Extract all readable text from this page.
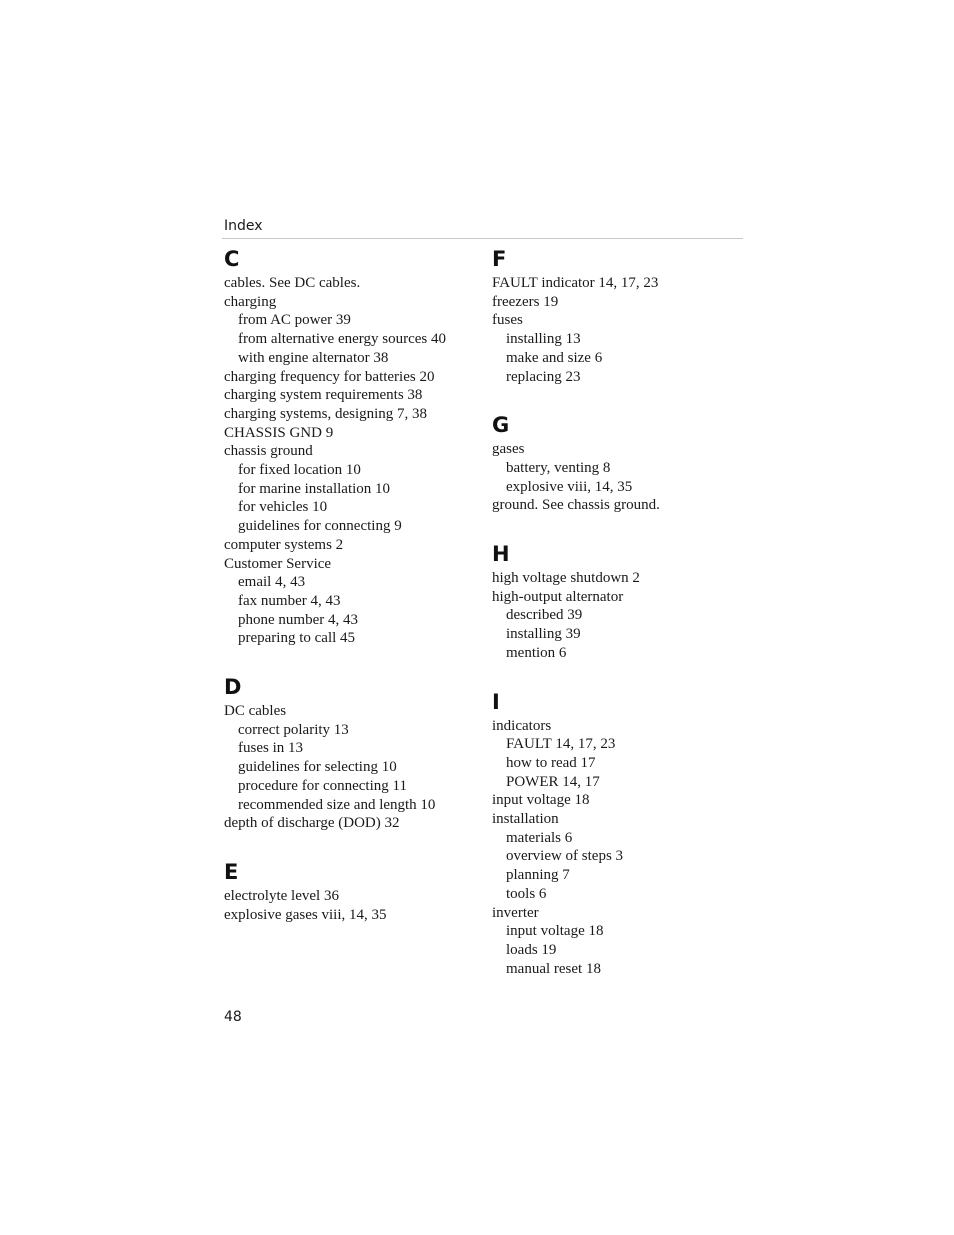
Index
C
cables. See DC cables.
charging
from AC power 39
from alternative energy sources 40
with engine alternator 38
charging frequency for batteries 20
charging system requirements 38
charging systems, designing 7, 38
CHASSIS GND 9
chassis ground
for fixed location 10
for marine installation 10
for vehicles 10
guidelines for connecting 9
computer systems 2
Customer Service
email 4, 43
fax number 4, 43
phone number 4, 43
preparing to call 45
D
DC cables
correct polarity 13
fuses in 13
guidelines for selecting 10
procedure for connecting 11
recommended size and length 10
depth of discharge (DOD) 32
E
electrolyte level 36
explosive gases viii, 14, 35
F
FAULT indicator 14, 17, 23
freezers 19
fuses
installing 13
make and size 6
replacing 23
G
gases
battery, venting 8
explosive viii, 14, 35
ground. See chassis ground.
H
high voltage shutdown 2
high-output alternator
described 39
installing 39
mention 6
I
indicators
FAULT 14, 17, 23
how to read 17
POWER 14, 17
input voltage 18
installation
materials 6
overview of steps 3
planning 7
tools 6
inverter
input voltage 18
loads 19
manual reset 18
48
